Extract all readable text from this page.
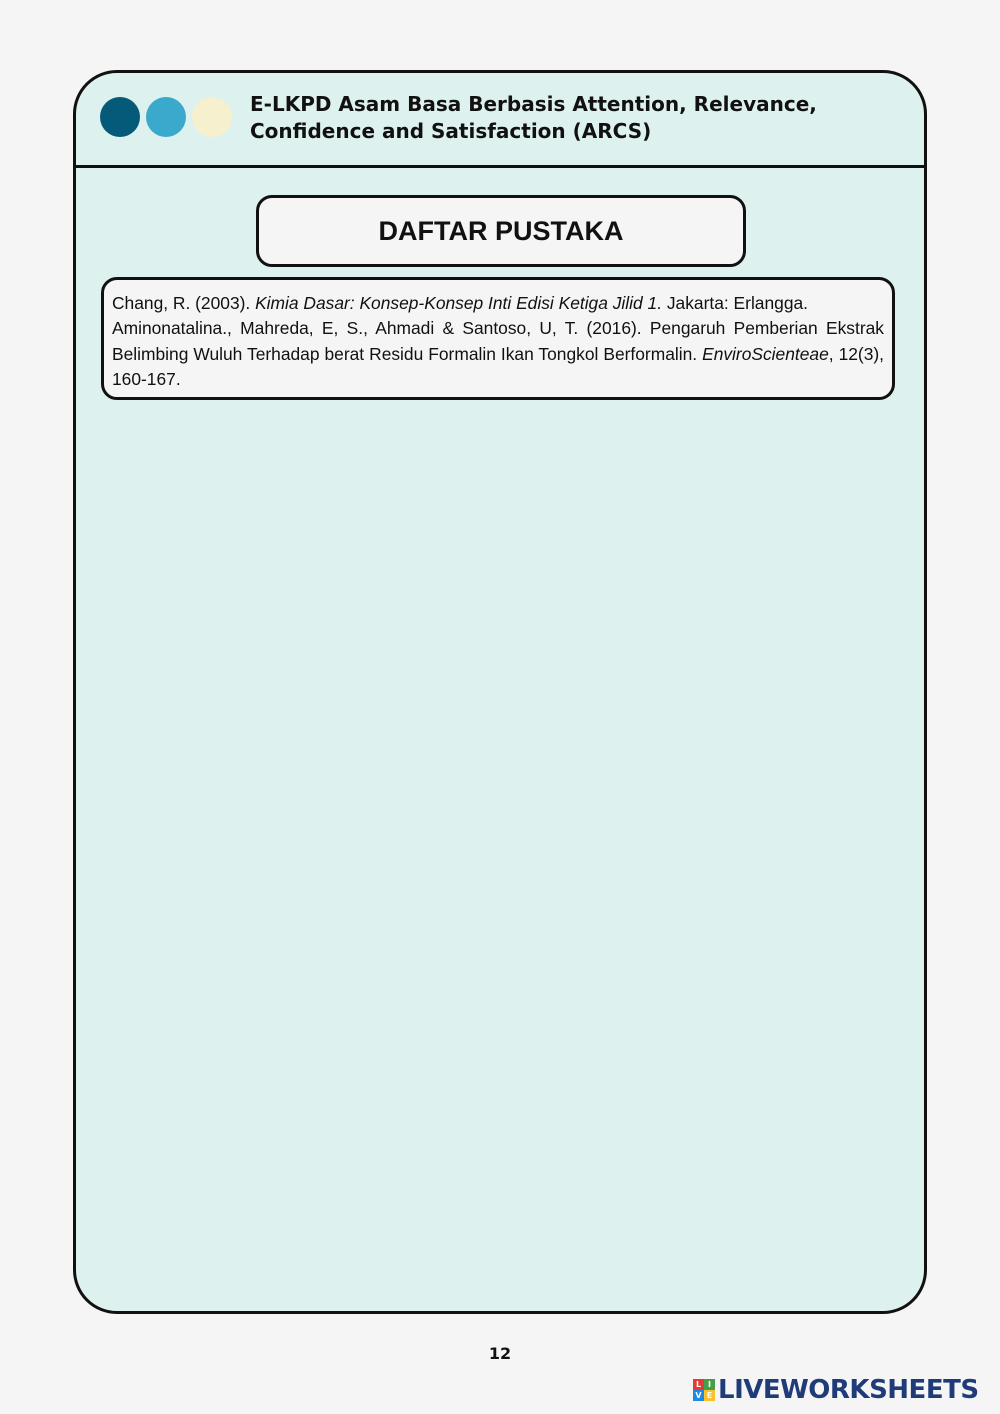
E-LKPD Asam Basa Berbasis Attention, Relevance,
Confidence and Satisfaction (ARCS)
DAFTAR PUSTAKA

Chang, R. (2003). Kimia Dasar: Konsep-Konsep Inti Edisi Ketiga Jilid 1. Jakarta: Erlangga.

Aminonatalina., Mahreda, E, S., Ahmadi & Santoso, U, T. (2016). Pengaruh Pemberian Ekstrak Belimbing Wuluh Terhadap berat Residu Formalin Ikan Tongkol Berformalin. EnviroScienteae, 12(3), 160-167.

12
L I
V E LIVEWORKSHEETS
